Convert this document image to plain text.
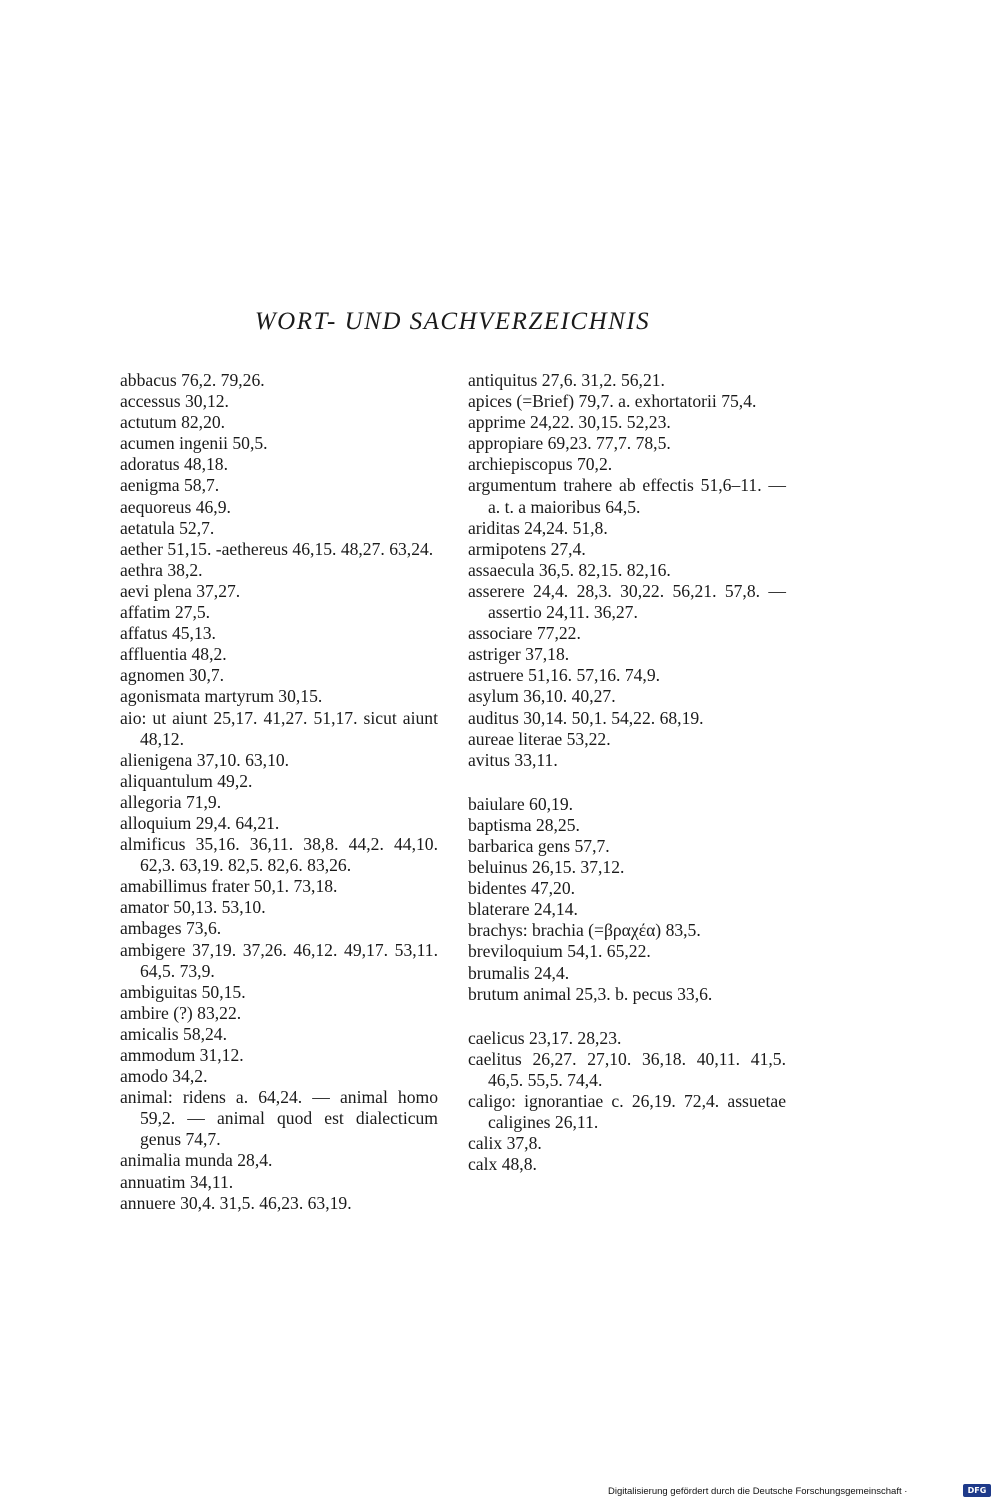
WORT- UND SACHVERZEICHNIS
abbacus 76,2. 79,26.
accessus 30,12.
actutum 82,20.
acumen ingenii 50,5.
adoratus 48,18.
aenigma 58,7.
aequoreus 46,9.
aetatula 52,7.
aether 51,15. -aethereus 46,15. 48,27. 63,24.
aethra 38,2.
aevi plena 37,27.
affatim 27,5.
affatus 45,13.
affluentia 48,2.
agnomen 30,7.
agonismata martyrum 30,15.
aio: ut aiunt 25,17. 41,27. 51,17. sicut aiunt 48,12.
alienigena 37,10. 63,10.
aliquantulum 49,2.
allegoria 71,9.
alloquium 29,4. 64,21.
almificus 35,16. 36,11. 38,8. 44,2. 44,10. 62,3. 63,19. 82,5. 82,6. 83,26.
amabillimus frater 50,1. 73,18.
amator 50,13. 53,10.
ambages 73,6.
ambigere 37,19. 37,26. 46,12. 49,17. 53,11. 64,5. 73,9.
ambiguitas 50,15.
ambire (?) 83,22.
amicalis 58,24.
ammodum 31,12.
amodo 34,2.
animal: ridens a. 64,24. — animal homo 59,2. — animal quod est dialecticum genus 74,7.
animalia munda 28,4.
annuatim 34,11.
annuere 30,4. 31,5. 46,23. 63,19.
antiquitus 27,6. 31,2. 56,21.
apices (=Brief) 79,7. a. exhortatorii 75,4.
apprime 24,22. 30,15. 52,23.
appropiare 69,23. 77,7. 78,5.
archiepiscopus 70,2.
argumentum trahere ab effectis 51,6–11. — a. t. a maioribus 64,5.
ariditas 24,24. 51,8.
armipotens 27,4.
assaecula 36,5. 82,15. 82,16.
asserere 24,4. 28,3. 30,22. 56,21. 57,8. — assertio 24,11. 36,27.
associare 77,22.
astriger 37,18.
astruere 51,16. 57,16. 74,9.
asylum 36,10. 40,27.
auditus 30,14. 50,1. 54,22. 68,19.
aureae literae 53,22.
avitus 33,11.
baiulare 60,19.
baptisma 28,25.
barbarica gens 57,7.
beluinus 26,15. 37,12.
bidentes 47,20.
blaterare 24,14.
brachys: brachia (=βραχέα) 83,5.
breviloquium 54,1. 65,22.
brumalis 24,4.
brutum animal 25,3. b. pecus 33,6.
caelicus 23,17. 28,23.
caelitus 26,27. 27,10. 36,18. 40,11. 41,5. 46,5. 55,5. 74,4.
caligo: ignorantiae c. 26,19. 72,4. assuetae caligines 26,11.
calix 37,8.
calx 48,8.
Digitalisierung gefördert durch die Deutsche Forschungsgemeinschaft ·	DFG
